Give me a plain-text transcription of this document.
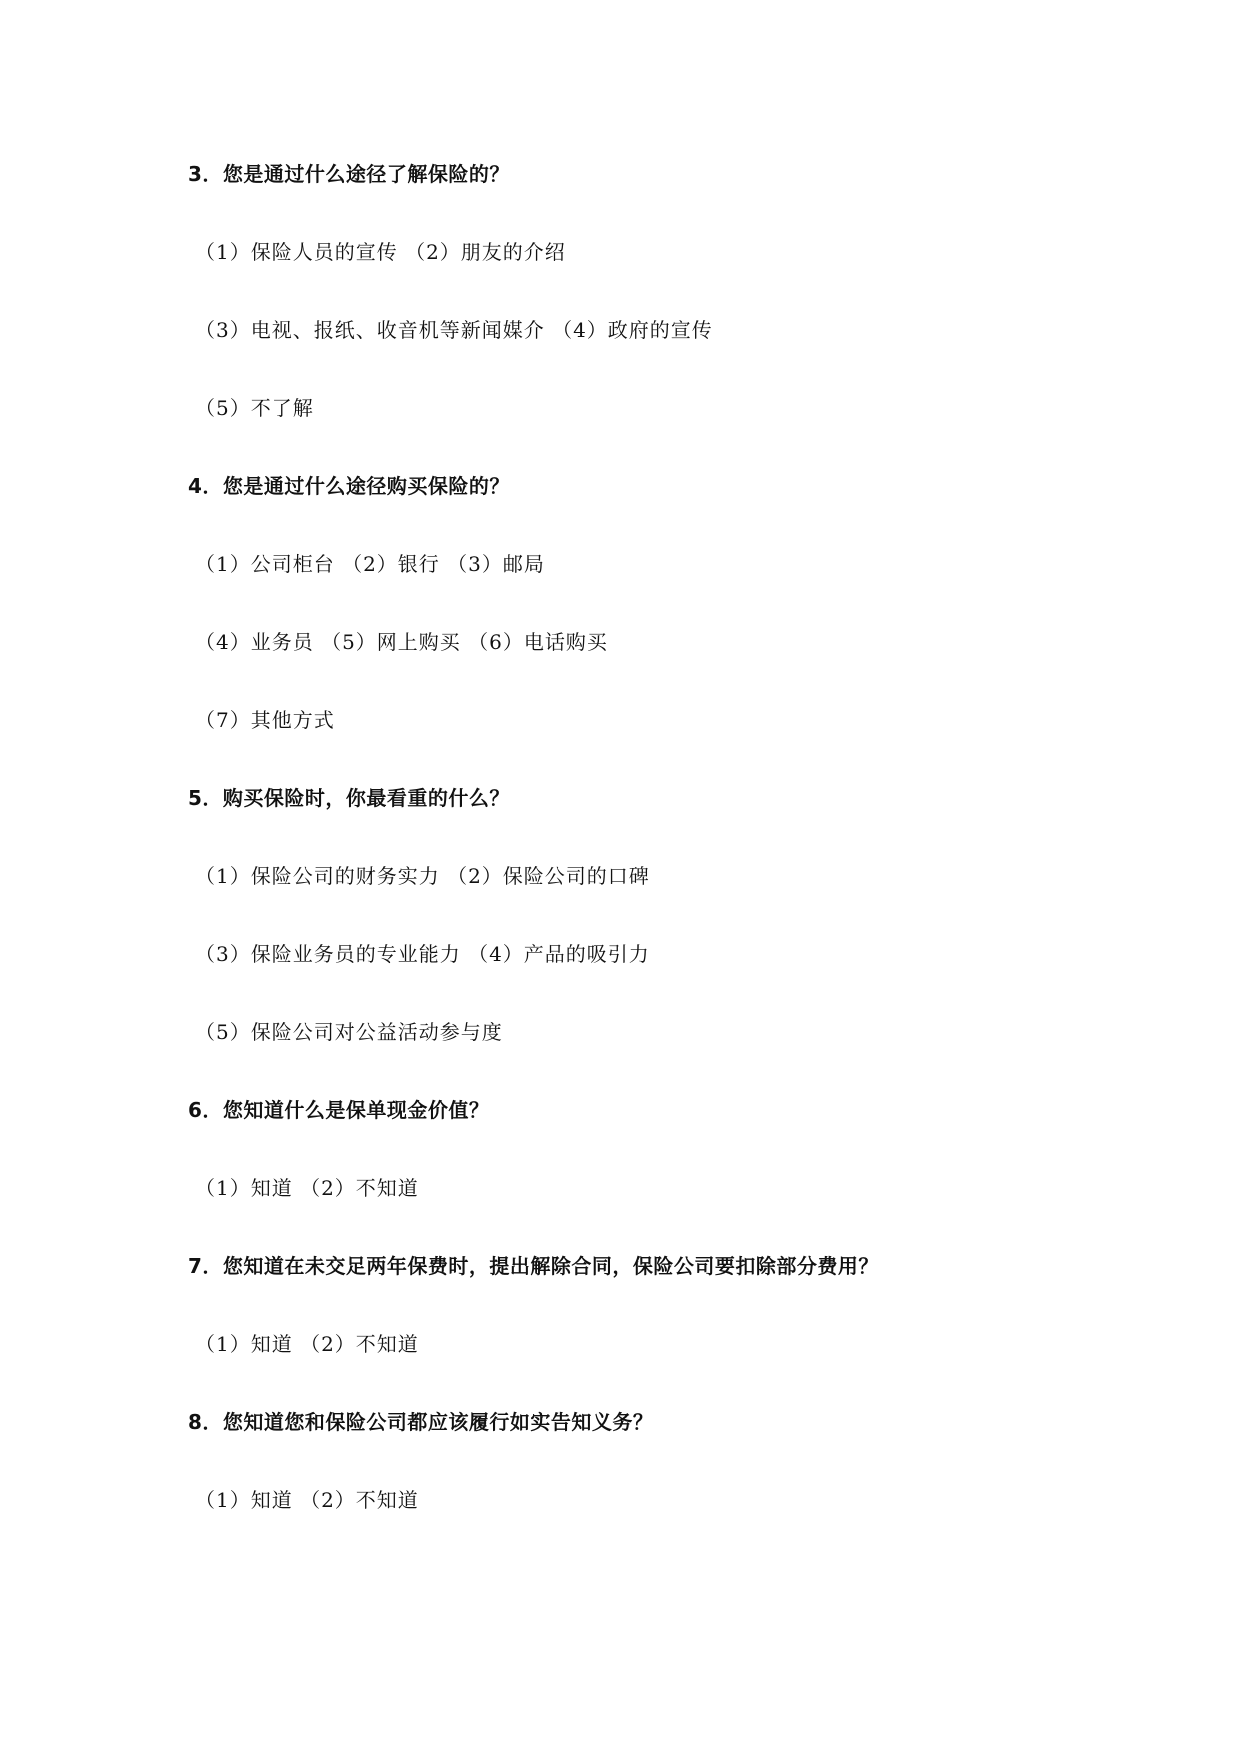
3．您是通过什么途径了解保险的？
（1）保险人员的宣传 （2）朋友的介绍
（3）电视、报纸、收音机等新闻媒介 （4）政府的宣传
（5）不了解
4．您是通过什么途径购买保险的？
（1）公司柜台 （2）银行 （3）邮局
（4）业务员 （5）网上购买 （6）电话购买
（7）其他方式
5．购买保险时，你最看重的什么？
（1）保险公司的财务实力 （2）保险公司的口碑
（3）保险业务员的专业能力 （4）产品的吸引力
（5）保险公司对公益活动参与度
6．您知道什么是保单现金价值？
（1）知道 （2）不知道
7．您知道在未交足两年保费时，提出解除合同，保险公司要扣除部分费用？
（1）知道 （2）不知道
8．您知道您和保险公司都应该履行如实告知义务？
（1）知道 （2）不知道
